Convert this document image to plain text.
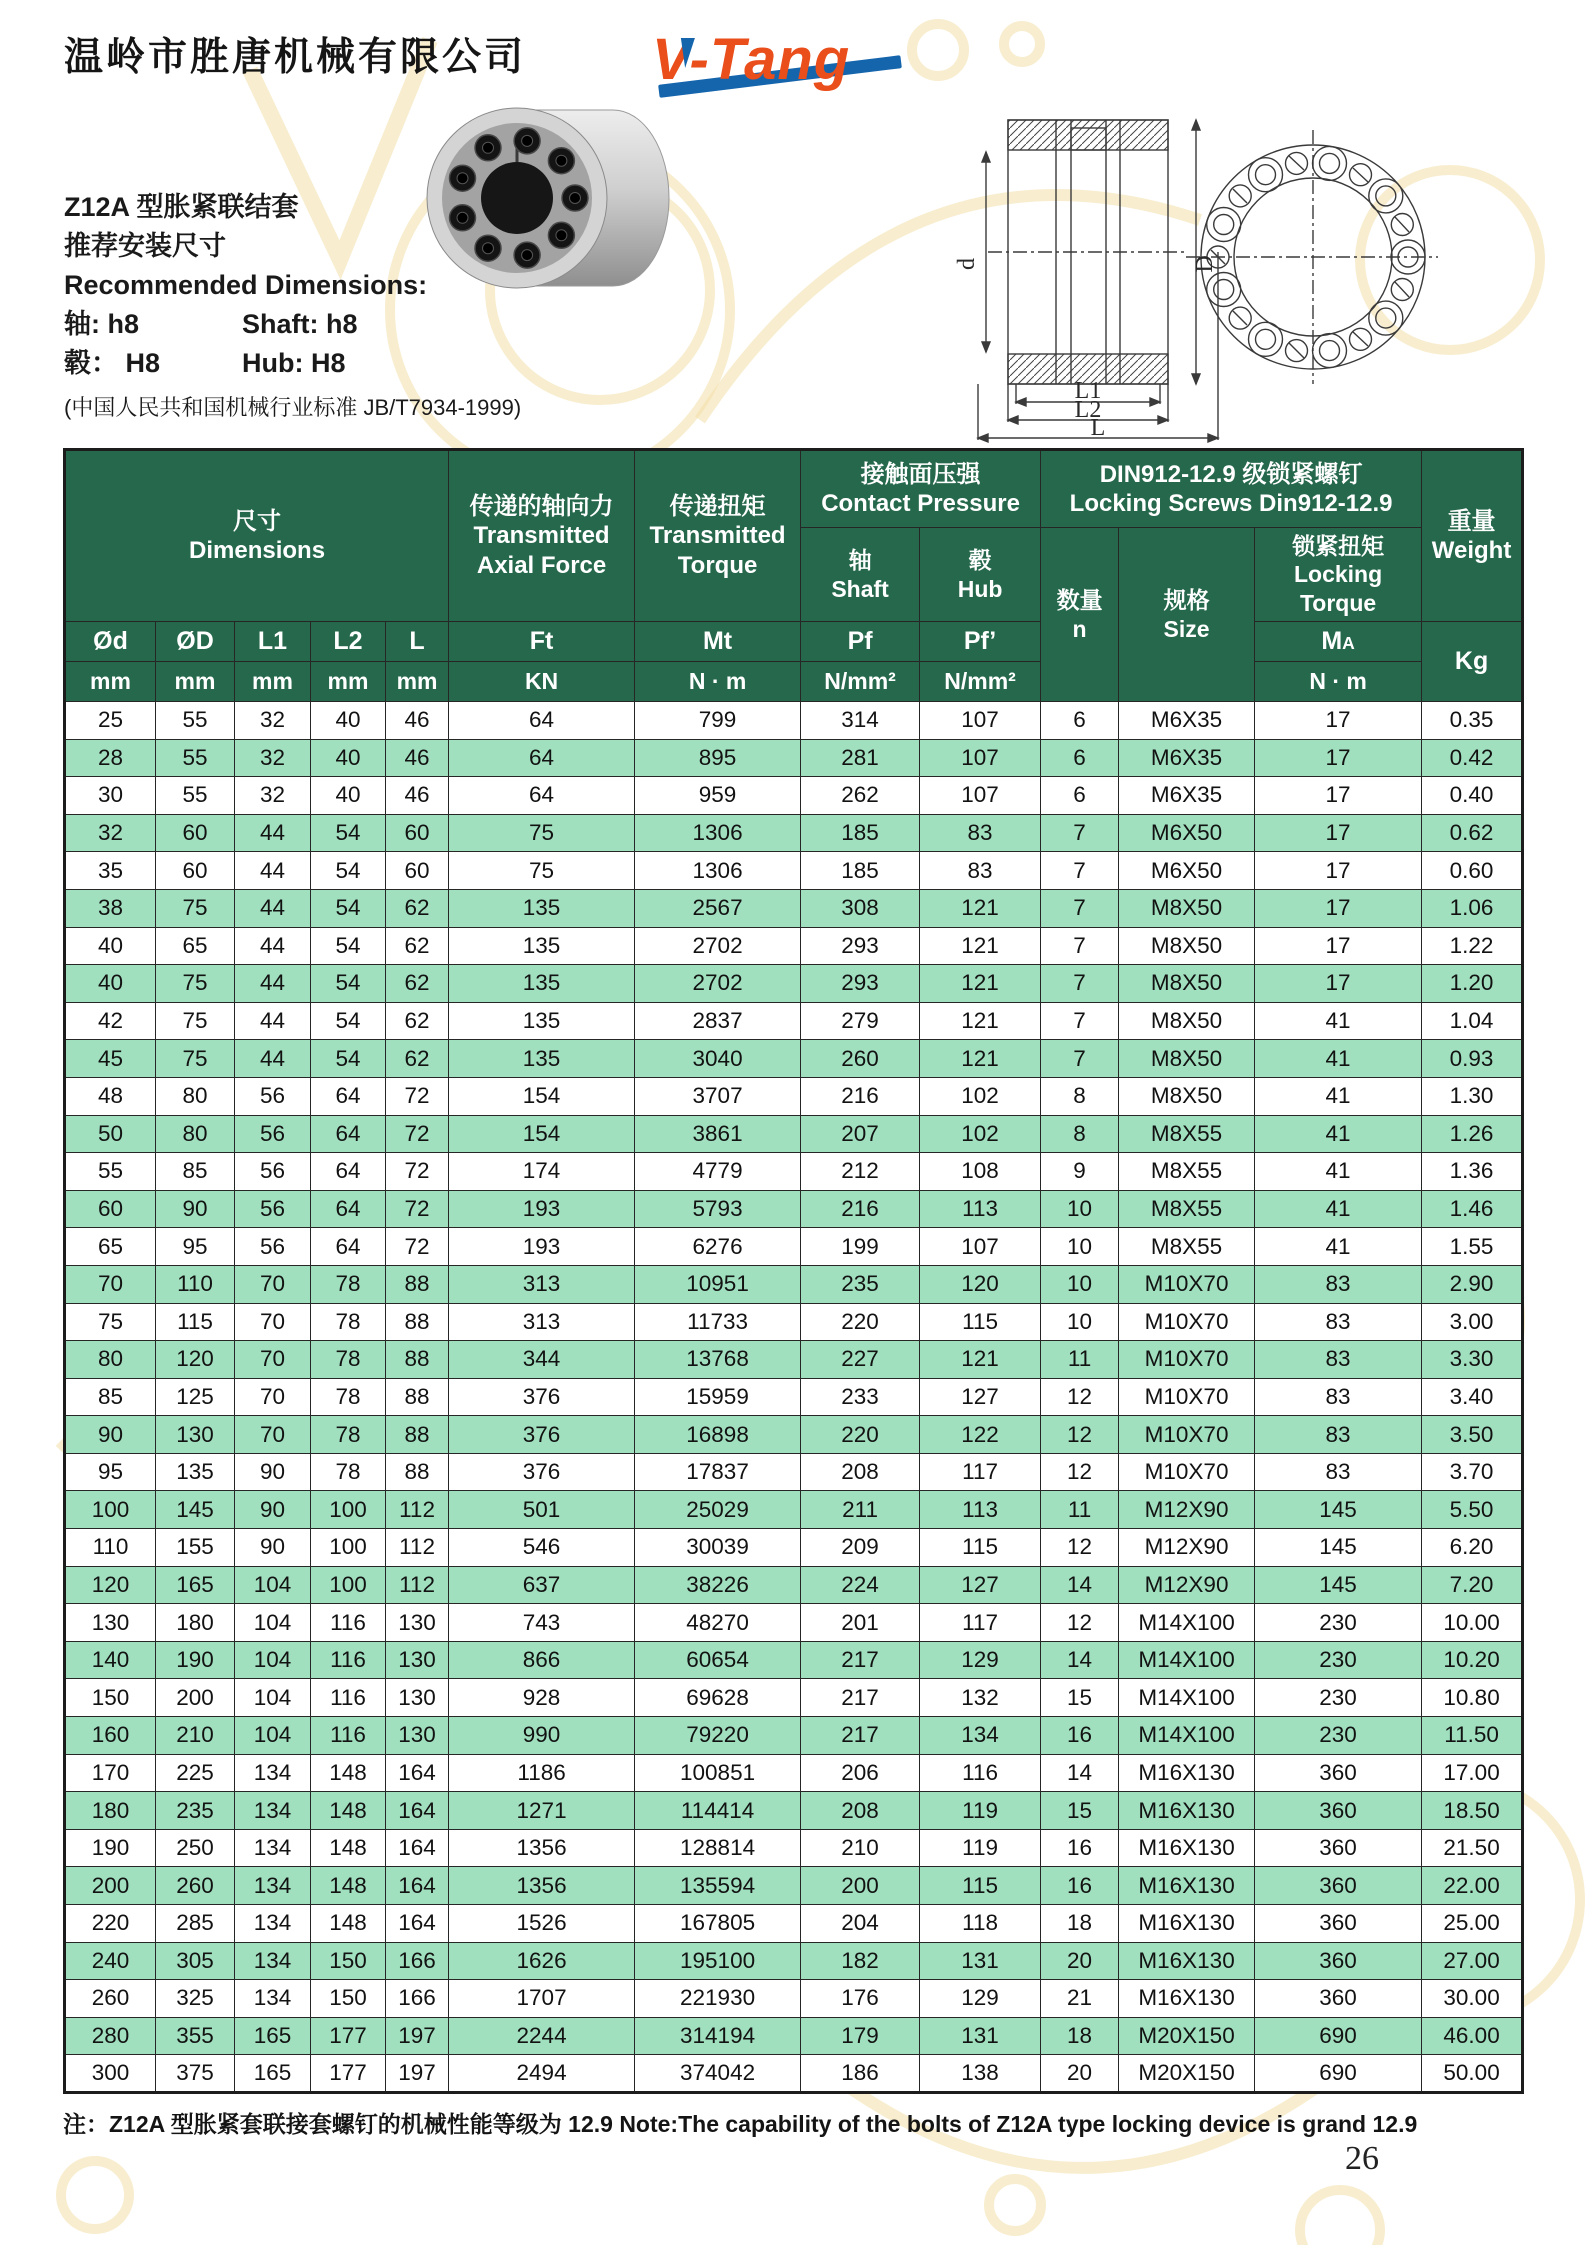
温岭市胜唐机械有限公司 V-Tang
Z12A 型胀紧联结套
推荐安装尺寸
Recommended Dimensions:
轴: h8	Shaft: h8
毂： H8	Hub: H8
(中国人民共和国机械行业标准 JB/T7934-1999)
d	D
L1
L2
L
尺寸
Dimensions

传递的轴向力
Transmitted
Axial Force

传递扭矩
Transmitted
Torque

接触面压强
Contact Pressure

DIN912-12.9 级锁紧螺钉
Locking Screws Din912-12.9

重量
Weight

轴
Shaft

毂
Hub	数量
n

规格
Size

锁紧扭矩
Locking
Torque

Ød	ØD	L1	L2	L	Ft	Mt	Pf	Pf’			MA	Kg
mm	mm	mm	mm	mm	KN	N · m	N/mm²	N/mm²			N · m	
25	55	32	40	46	64	799	314	107	6	M6X35	17	0.35
28	55	32	40	46	64	895	281	107	6	M6X35	17	0.42
30	55	32	40	46	64	959	262	107	6	M6X35	17	0.40
32	60	44	54	60	75	1306	185	83	7	M6X50	17	0.62
35	60	44	54	60	75	1306	185	83	7	M6X50	17	0.60
38	75	44	54	62	135	2567	308	121	7	M8X50	17	1.06
40	65	44	54	62	135	2702	293	121	7	M8X50	17	1.22
40	75	44	54	62	135	2702	293	121	7	M8X50	17	1.20
42	75	44	54	62	135	2837	279	121	7	M8X50	41	1.04
45	75	44	54	62	135	3040	260	121	7	M8X50	41	0.93
48	80	56	64	72	154	3707	216	102	8	M8X50	41	1.30
50	80	56	64	72	154	3861	207	102	8	M8X55	41	1.26
55	85	56	64	72	174	4779	212	108	9	M8X55	41	1.36
60	90	56	64	72	193	5793	216	113	10	M8X55	41	1.46
65	95	56	64	72	193	6276	199	107	10	M8X55	41	1.55
70	110	70	78	88	313	10951	235	120	10	M10X70	83	2.90
75	115	70	78	88	313	11733	220	115	10	M10X70	83	3.00
80	120	70	78	88	344	13768	227	121	11	M10X70	83	3.30
85	125	70	78	88	376	15959	233	127	12	M10X70	83	3.40
90	130	70	78	88	376	16898	220	122	12	M10X70	83	3.50
95	135	90	78	88	376	17837	208	117	12	M10X70	83	3.70
100	145	90	100	112	501	25029	211	113	11	M12X90	145	5.50
110	155	90	100	112	546	30039	209	115	12	M12X90	145	6.20
120	165	104	100	112	637	38226	224	127	14	M12X90	145	7.20
130	180	104	116	130	743	48270	201	117	12	M14X100	230	10.00
140	190	104	116	130	866	60654	217	129	14	M14X100	230	10.20
150	200	104	116	130	928	69628	217	132	15	M14X100	230	10.80
160	210	104	116	130	990	79220	217	134	16	M14X100	230	11.50
170	225	134	148	164	1186	100851	206	116	14	M16X130	360	17.00
180	235	134	148	164	1271	114414	208	119	15	M16X130	360	18.50
190	250	134	148	164	1356	128814	210	119	16	M16X130	360	21.50
200	260	134	148	164	1356	135594	200	115	16	M16X130	360	22.00
220	285	134	148	164	1526	167805	204	118	18	M16X130	360	25.00
240	305	134	150	166	1626	195100	182	131	20	M16X130	360	27.00
260	325	134	150	166	1707	221930	176	129	21	M16X130	360	30.00
280	355	165	177	197	2244	314194	179	131	18	M20X150	690	46.00
300	375	165	177	197	2494	374042	186	138	20	M20X150	690	50.00
注：Z12A 型胀紧套联接套螺钉的机械性能等级为 12.9 Note:The capability of the bolts of Z12A type locking device is grand 12.9
26
